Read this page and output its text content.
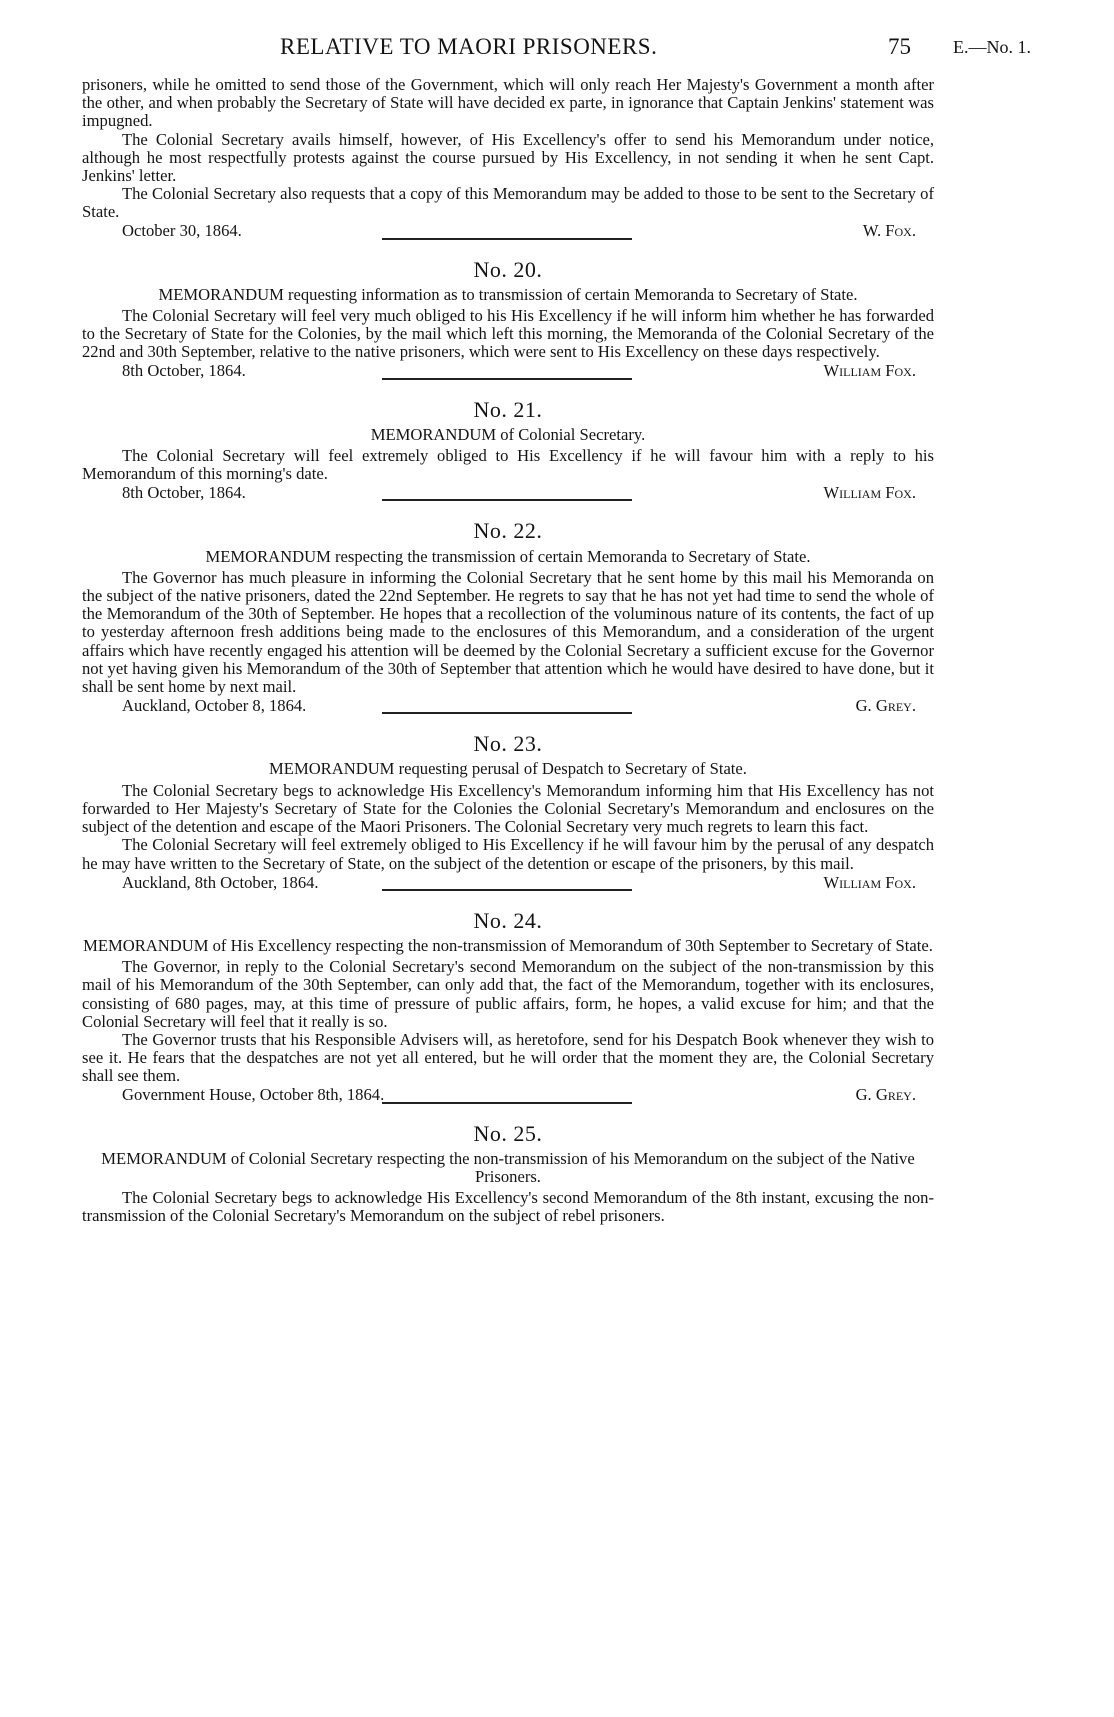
RELATIVE TO MAORI PRISONERS.	75 E.—No. 1.

prisoners, while he omitted to send those of the Government, which will only reach Her Majesty's Government a month after the other, and when probably the Secretary of State will have decided ex parte, in ignorance that Captain Jenkins' statement was impugned.

The Colonial Secretary avails himself, however, of His Excellency's offer to send his Memorandum under notice, although he most respectfully protests against the course pursued by His Excellency, in not sending it when he sent Capt. Jenkins' letter.

The Colonial Secretary also requests that a copy of this Memorandum may be added to those to be sent to the Secretary of State.

October 30, 1864.	W. Fox.
No. 20.
MEMORANDUM requesting information as to transmission of certain Memoranda to Secretary of State.

The Colonial Secretary will feel very much obliged to his His Excellency if he will inform him whether he has forwarded to the Secretary of State for the Colonies, by the mail which left this morning, the Memoranda of the Colonial Secretary of the 22nd and 30th September, relative to the native prisoners, which were sent to His Excellency on these days respectively.

8th October, 1864.	William Fox.
No. 21.
MEMORANDUM of Colonial Secretary.

The Colonial Secretary will feel extremely obliged to His Excellency if he will favour him with a reply to his Memorandum of this morning's date.

8th October, 1864.	William Fox.
No. 22.
MEMORANDUM respecting the transmission of certain Memoranda to Secretary of State.

The Governor has much pleasure in informing the Colonial Secretary that he sent home by this mail his Memoranda on the subject of the native prisoners, dated the 22nd September. He regrets to say that he has not yet had time to send the whole of the Memorandum of the 30th of September. He hopes that a recollection of the voluminous nature of its contents, the fact of up to yesterday afternoon fresh additions being made to the enclosures of this Memorandum, and a consideration of the urgent affairs which have recently engaged his attention will be deemed by the Colonial Secretary a sufficient excuse for the Governor not yet having given his Memorandum of the 30th of September that attention which he would have desired to have done, but it shall be sent home by next mail.

Auckland, October 8, 1864.	G. Grey.
No. 23.
MEMORANDUM requesting perusal of Despatch to Secretary of State.

The Colonial Secretary begs to acknowledge His Excellency's Memorandum informing him that His Excellency has not forwarded to Her Majesty's Secretary of State for the Colonies the Colonial Secretary's Memorandum and enclosures on the subject of the detention and escape of the Maori Prisoners. The Colonial Secretary very much regrets to learn this fact.

The Colonial Secretary will feel extremely obliged to His Excellency if he will favour him by the perusal of any despatch he may have written to the Secretary of State, on the subject of the detention or escape of the prisoners, by this mail.

Auckland, 8th October, 1864.	William Fox.
No. 24.
MEMORANDUM of His Excellency respecting the non-transmission of Memorandum of 30th September to Secretary of State.

The Governor, in reply to the Colonial Secretary's second Memorandum on the subject of the non-transmission by this mail of his Memorandum of the 30th September, can only add that, the fact of the Memorandum, together with its enclosures, consisting of 680 pages, may, at this time of pressure of public affairs, form, he hopes, a valid excuse for him; and that the Colonial Secretary will feel that it really is so.

The Governor trusts that his Responsible Advisers will, as heretofore, send for his Despatch Book whenever they wish to see it. He fears that the despatches are not yet all entered, but he will order that the moment they are, the Colonial Secretary shall see them.

Government House, October 8th, 1864.	G. Grey.
No. 25.
MEMORANDUM of Colonial Secretary respecting the non-transmission of his Memorandum on the subject of the Native Prisoners.

The Colonial Secretary begs to acknowledge His Excellency's second Memorandum of the 8th instant, excusing the non-transmission of the Colonial Secretary's Memorandum on the subject of rebel prisoners.
